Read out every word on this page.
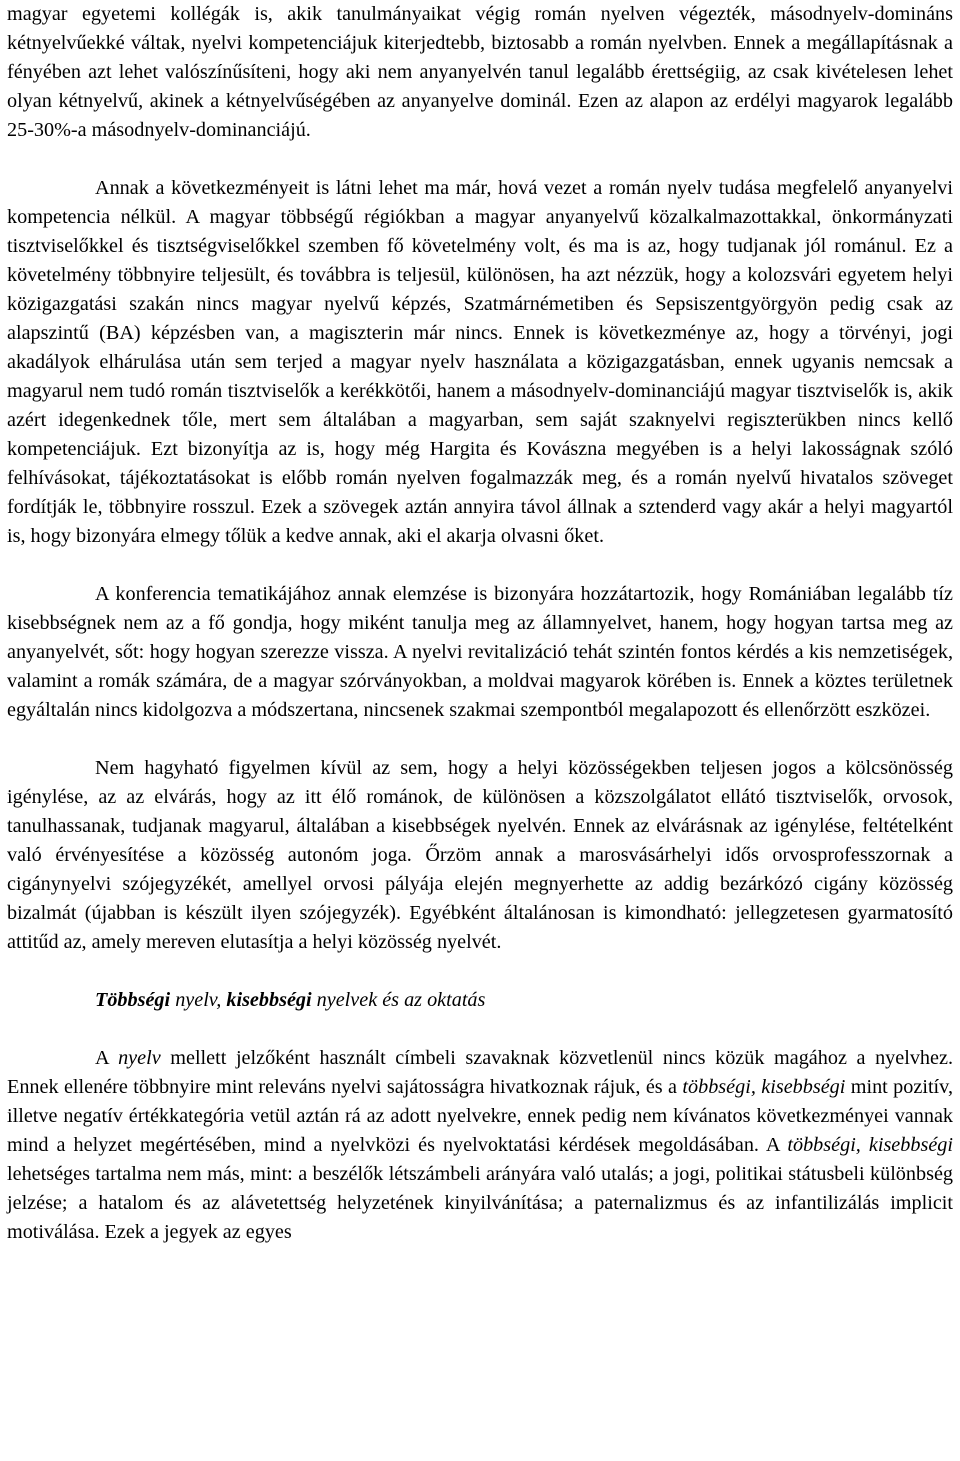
magyar egyetemi kollégák is, akik tanulmányaikat végig román nyelven végezték, másodnyelv-domináns kétnyelvűekké váltak, nyelvi kompetenciájuk kiterjedtebb, biztosabb a román nyelvben. Ennek a megállapításnak a fényében azt lehet valószínűsíteni, hogy aki nem anyanyelvén tanul legalább érettségiig, az csak kivételesen lehet olyan kétnyelvű, akinek a kétnyelvűségében az anyanyelve dominál. Ezen az alapon az erdélyi magyarok legalább 25-30%-a másodnyelv-dominanciájú.

Annak a következményeit is látni lehet ma már, hová vezet a román nyelv tudása megfelelő anyanyelvi kompetencia nélkül. A magyar többségű régiókban a magyar anyanyelvű közalkalmazottakkal, önkormányzati tisztviselőkkel és tisztségviselőkkel szemben fő követelmény volt, és ma is az, hogy tudjanak jól románul. Ez a követelmény többnyire teljesült, és továbbra is teljesül, különösen, ha azt nézzük, hogy a kolozsvári egyetem helyi közigazgatási szakán nincs magyar nyelvű képzés, Szatmárnémetiben és Sepsiszentgyörgyön pedig csak az alapszintű (BA) képzésben van, a magiszterin már nincs. Ennek is következménye az, hogy a törvényi, jogi akadályok elhárulása után sem terjed a magyar nyelv használata a közigazgatásban, ennek ugyanis nemcsak a magyarul nem tudó román tisztviselők a kerékkötői, hanem a másodnyelv-dominanciájú magyar tisztviselők is, akik azért idegenkednek tőle, mert sem általában a magyarban, sem saját szaknyelvi regiszterükben nincs kellő kompetenciájuk. Ezt bizonyítja az is, hogy még Hargita és Kovászna megyében is a helyi lakosságnak szóló felhívásokat, tájékoztatásokat is előbb román nyelven fogalmazzák meg, és a román nyelvű hivatalos szöveget fordítják le, többnyire rosszul. Ezek a szövegek aztán annyira távol állnak a sztenderd vagy akár a helyi magyartól is, hogy bizonyára elmegy tőlük a kedve annak, aki el akarja olvasni őket.

A konferencia tematikájához annak elemzése is bizonyára hozzátartozik, hogy Romániában legalább tíz kisebbségnek nem az a fő gondja, hogy miként tanulja meg az államnyelvet, hanem, hogy hogyan tartsa meg az anyanyelvét, sőt: hogy hogyan szerezze vissza. A nyelvi revitalizáció tehát szintén fontos kérdés a kis nemzetiségek, valamint a romák számára, de a magyar szórványokban, a moldvai magyarok körében is. Ennek a köztes területnek egyáltalán nincs kidolgozva a módszertana, nincsenek szakmai szempontból megalapozott és ellenőrzött eszközei.

Nem hagyható figyelmen kívül az sem, hogy a helyi közösségekben teljesen jogos a kölcsönösség igénylése, az az elvárás, hogy az itt élő románok, de különösen a közszolgálatot ellátó tisztviselők, orvosok, tanulhassanak, tudjanak magyarul, általában a kisebbségek nyelvén. Ennek az elvárásnak az igénylése, feltételként való érvényesítése a közösség autonóm joga. Őrzöm annak a marosvásárhelyi idős orvosprofesszornak a cigánynyelvi szójegyzékét, amellyel orvosi pályája elején megnyerhette az addig bezárkózó cigány közösség bizalmát (újabban is készült ilyen szójegyzék). Egyébként általánosan is kimondható: jellegzetesen gyarmatosító attitűd az, amely mereven elutasítja a helyi közösség nyelvét.

Többségi nyelv, kisebbségi nyelvek és az oktatás

A nyelv mellett jelzőként használt címbeli szavaknak közvetlenül nincs közük magához a nyelvhez. Ennek ellenére többnyire mint releváns nyelvi sajátosságra hivatkoznak rájuk, és a többségi, kisebbségi mint pozitív, illetve negatív értékkategória vetül aztán rá az adott nyelvekre, ennek pedig nem kívánatos következményei vannak mind a helyzet megértésében, mind a nyelvközi és nyelvoktatási kérdések megoldásában. A többségi, kisebbségi lehetséges tartalma nem más, mint: a beszélők létszámbeli arányára való utalás; a jogi, politikai státusbeli különbség jelzése; a hatalom és az alávetettség helyzetének kinyilvánítása; a paternalizmus és az infantilizálás implicit motiválása. Ezek a jegyek az egyes
